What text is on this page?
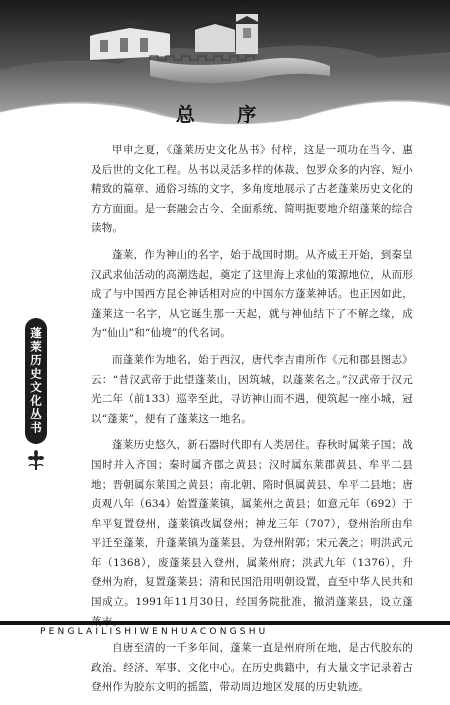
总 序

甲申之夏，《蓬莱历史文化丛书》付梓，这是一项功在当今、惠及后世的文化工程。丛书以灵活多样的体裁、包罗众多的内容、短小精致的篇章、通俗习练的文字，多角度地展示了古老蓬莱历史文化的方方面面。是一套融会古今、全面系统、简明扼要地介绍蓬莱的综合读物。

蓬莱，作为神山的名字，始于战国时期。从齐威王开始，到秦皇汉武求仙活动的高潮迭起，奠定了这里海上求仙的策源地位，从而形成了与中国西方昆仑神话相对应的中国东方蓬莱神话。也正因如此，蓬莱这一名字，从它诞生那一天起，就与神仙结下了不解之缘，成为“仙山”和“仙境”的代名词。

而蓬莱作为地名，始于西汉，唐代李吉甫所作《元和郡县图志》云：“昔汉武帝于此望蓬莱山，因筑城，以蓬莱名之。”汉武帝于汉元光二年（前133）巡幸至此，寻访神山而不遇，便筑起一座小城，冠以“蓬莱”，便有了蓬莱这一地名。

蓬莱历史悠久，新石器时代即有人类居住。春秋时属莱子国；战国时并入齐国；秦时属齐郡之黄县；汉时属东莱郡黄县、牟平二县地；晋朝属东莱国之黄县；南北朝、隋时俱属黄县、牟平二县地；唐贞观八年（634）始置蓬莱镇，属莱州之黄县；如意元年（692）于牟平复置登州，蓬莱镇改属登州；神龙三年（707），登州治所由牟平迁至蓬莱，升蓬莱镇为蓬莱县，为登州附郭；宋元袭之；明洪武元年（1368），废蓬莱县入登州，属莱州府；洪武九年（1376），升登州为府，复置蓬莱县；清和民国沿用明朝设置，直至中华人民共和国成立。1991年11月30日，经国务院批准，撤消蓬莱县，设立蓬

自唐至清的一千多年间，蓬莱一直是州府所在地，是古代胶东的政治、经济、军事、文化中心。在历史典籍中，有大量文字记录着古登州作为胶东文明的摇篮，带动周边地区发展的历史轨迹。

蓬莱历史文化丛书
PENGLAILISHIWENHUACONGSHU
